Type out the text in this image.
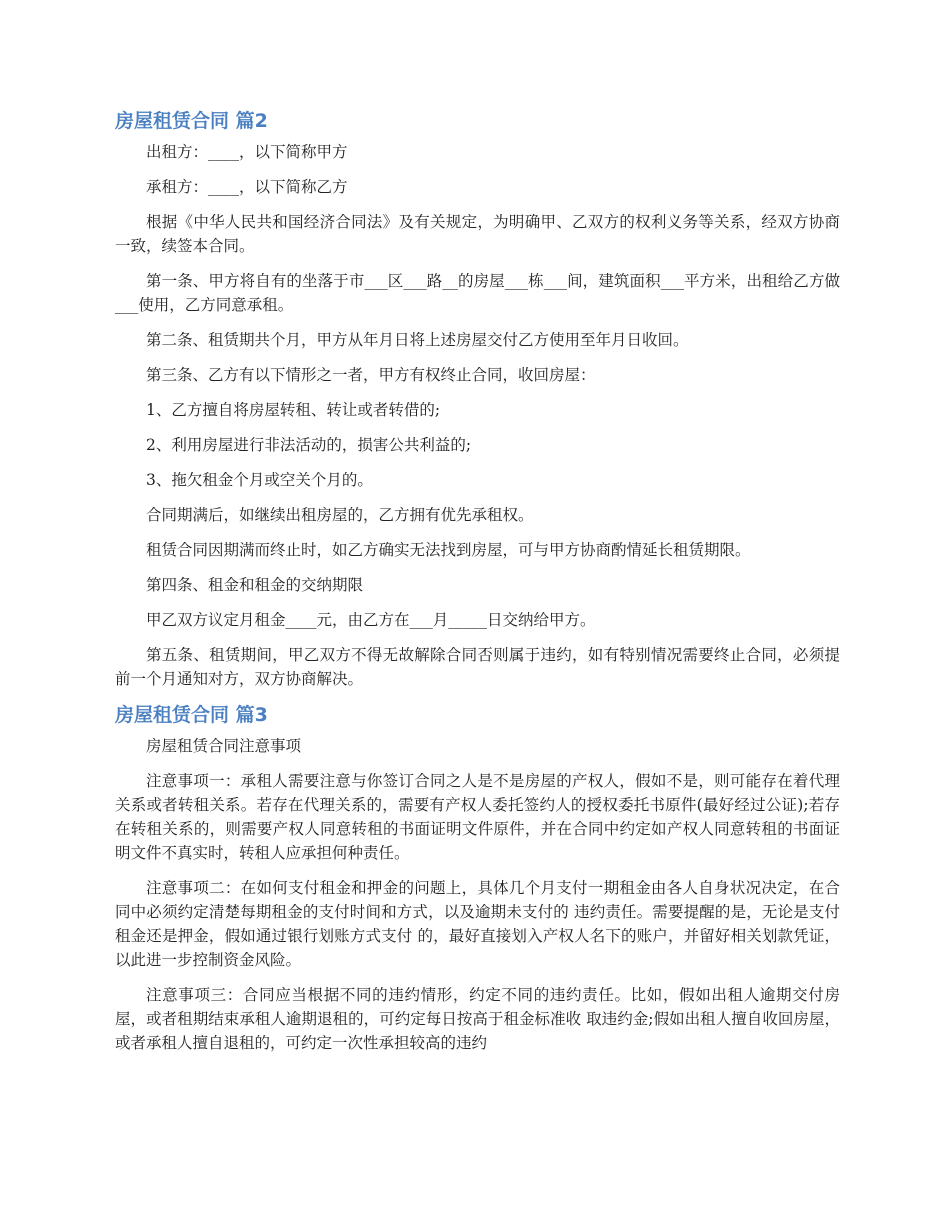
房屋租赁合同 篇2

出租方：____，以下简称甲方

承租方：____，以下简称乙方

根据《中华人民共和国经济合同法》及有关规定，为明确甲、乙双方的权利义务等关系，经双方协商一致，续签本合同。

第一条、甲方将自有的坐落于市___区___路__的房屋___栋___间，建筑面积___平方米，出租给乙方做___使用，乙方同意承租。

第二条、租赁期共个月，甲方从年月日将上述房屋交付乙方使用至年月日收回。

第三条、乙方有以下情形之一者，甲方有权终止合同，收回房屋：

1、乙方擅自将房屋转租、转让或者转借的;

2、利用房屋进行非法活动的，损害公共利益的;

3、拖欠租金个月或空关个月的。

合同期满后，如继续出租房屋的，乙方拥有优先承租权。

租赁合同因期满而终止时，如乙方确实无法找到房屋，可与甲方协商酌情延长租赁期限。

第四条、租金和租金的交纳期限

甲乙双方议定月租金____元，由乙方在___月_____日交纳给甲方。

第五条、租赁期间，甲乙双方不得无故解除合同否则属于违约，如有特别情况需要终止合同，必须提前一个月通知对方，双方协商解决。

房屋租赁合同 篇3

房屋租赁合同注意事项

注意事项一：承租人需要注意与你签订合同之人是不是房屋的产权人，假如不是，则可能存在着代理关系或者转租关系。若存在代理关系的，需要有产权人委托签约人的授权委托书原件(最好经过公证);若存在转租关系的，则需要产权人同意转租的书面证明文件原件，并在合同中约定如产权人同意转租的书面证明文件不真实时，转租人应承担何种责任。

注意事项二：在如何支付租金和押金的问题上，具体几个月支付一期租金由各人自身状况决定，在合同中必须约定清楚每期租金的支付时间和方式，以及逾期未支付的 违约责任。需要提醒的是，无论是支付租金还是押金，假如通过银行划账方式支付 的，最好直接划入产权人名下的账户，并留好相关划款凭证，以此进一步控制资金风险。

注意事项三：合同应当根据不同的违约情形，约定不同的违约责任。比如，假如出租人逾期交付房屋，或者租期结束承租人逾期退租的，可约定每日按高于租金标准收 取违约金;假如出租人擅自收回房屋，或者承租人擅自退租的，可约定一次性承担较高的违约
